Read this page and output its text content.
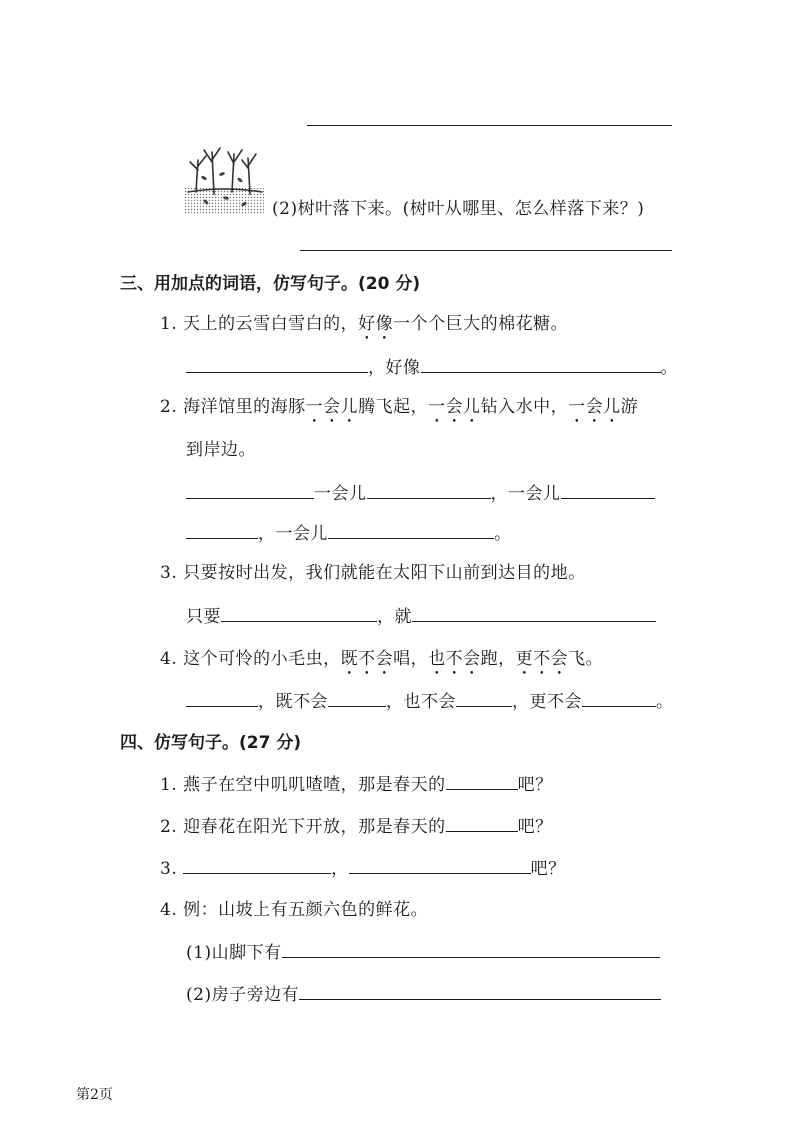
(2)树叶落下来。(树叶从哪里、怎么样落下来？)
三、用加点的词语，仿写句子。(20 分)
1. 天上的云雪白雪白的，好像一个个巨大的棉花糖。
，好像	。
2. 海洋馆里的海豚一会儿腾飞起，一会儿钻入水中，一会儿游
到岸边。
一会儿	，一会儿
，一会儿	。
3. 只要按时出发，我们就能在太阳下山前到达目的地。
只要	，就
4. 这个可怜的小毛虫，既不会唱，也不会跑，更不会飞。
，既不会	，也不会	，更不会	。
四、仿写句子。(27 分)
1. 燕子在空中叽叽喳喳，那是春天的	吧？
2. 迎春花在阳光下开放，那是春天的	吧？
3.	，	吧？
4. 例：山坡上有五颜六色的鲜花。
(1)山脚下有
(2)房子旁边有
第2页
